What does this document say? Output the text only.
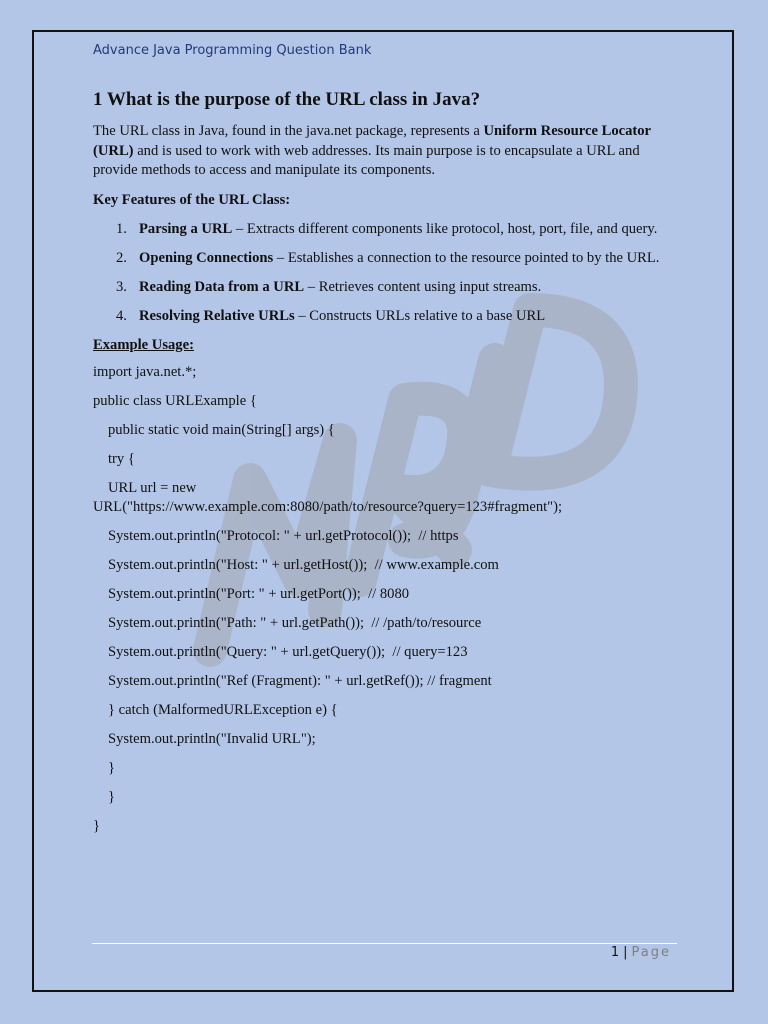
Advance Java Programming Question Bank
1 What is the purpose of the URL class in Java?

The URL class in Java, found in the java.net package, represents a Uniform Resource Locator (URL) and is used to work with web addresses. Its main purpose is to encapsulate a URL and provide methods to access and manipulate its components.

Key Features of the URL Class:
1. Parsing a URL – Extracts different components like protocol, host, port, file, and query.
2. Opening Connections – Establishes a connection to the resource pointed to by the URL.
3. Reading Data from a URL – Retrieves content using input streams.
4. Resolving Relative URLs – Constructs URLs relative to a base URL
Example Usage:

import java.net.*;

public class URLExample {

public static void main(String[] args) {

try {

URL url = new

URL("https://www.example.com:8080/path/to/resource?query=123#fragment");

System.out.println("Protocol: " + url.getProtocol());  // https

System.out.println("Host: " + url.getHost());  // www.example.com

System.out.println("Port: " + url.getPort());  // 8080

System.out.println("Path: " + url.getPath());  // /path/to/resource

System.out.println("Query: " + url.getQuery());  // query=123

System.out.println("Ref (Fragment): " + url.getRef()); // fragment

} catch (MalformedURLException e) {

System.out.println("Invalid URL");

}

}

}

1 | Page
